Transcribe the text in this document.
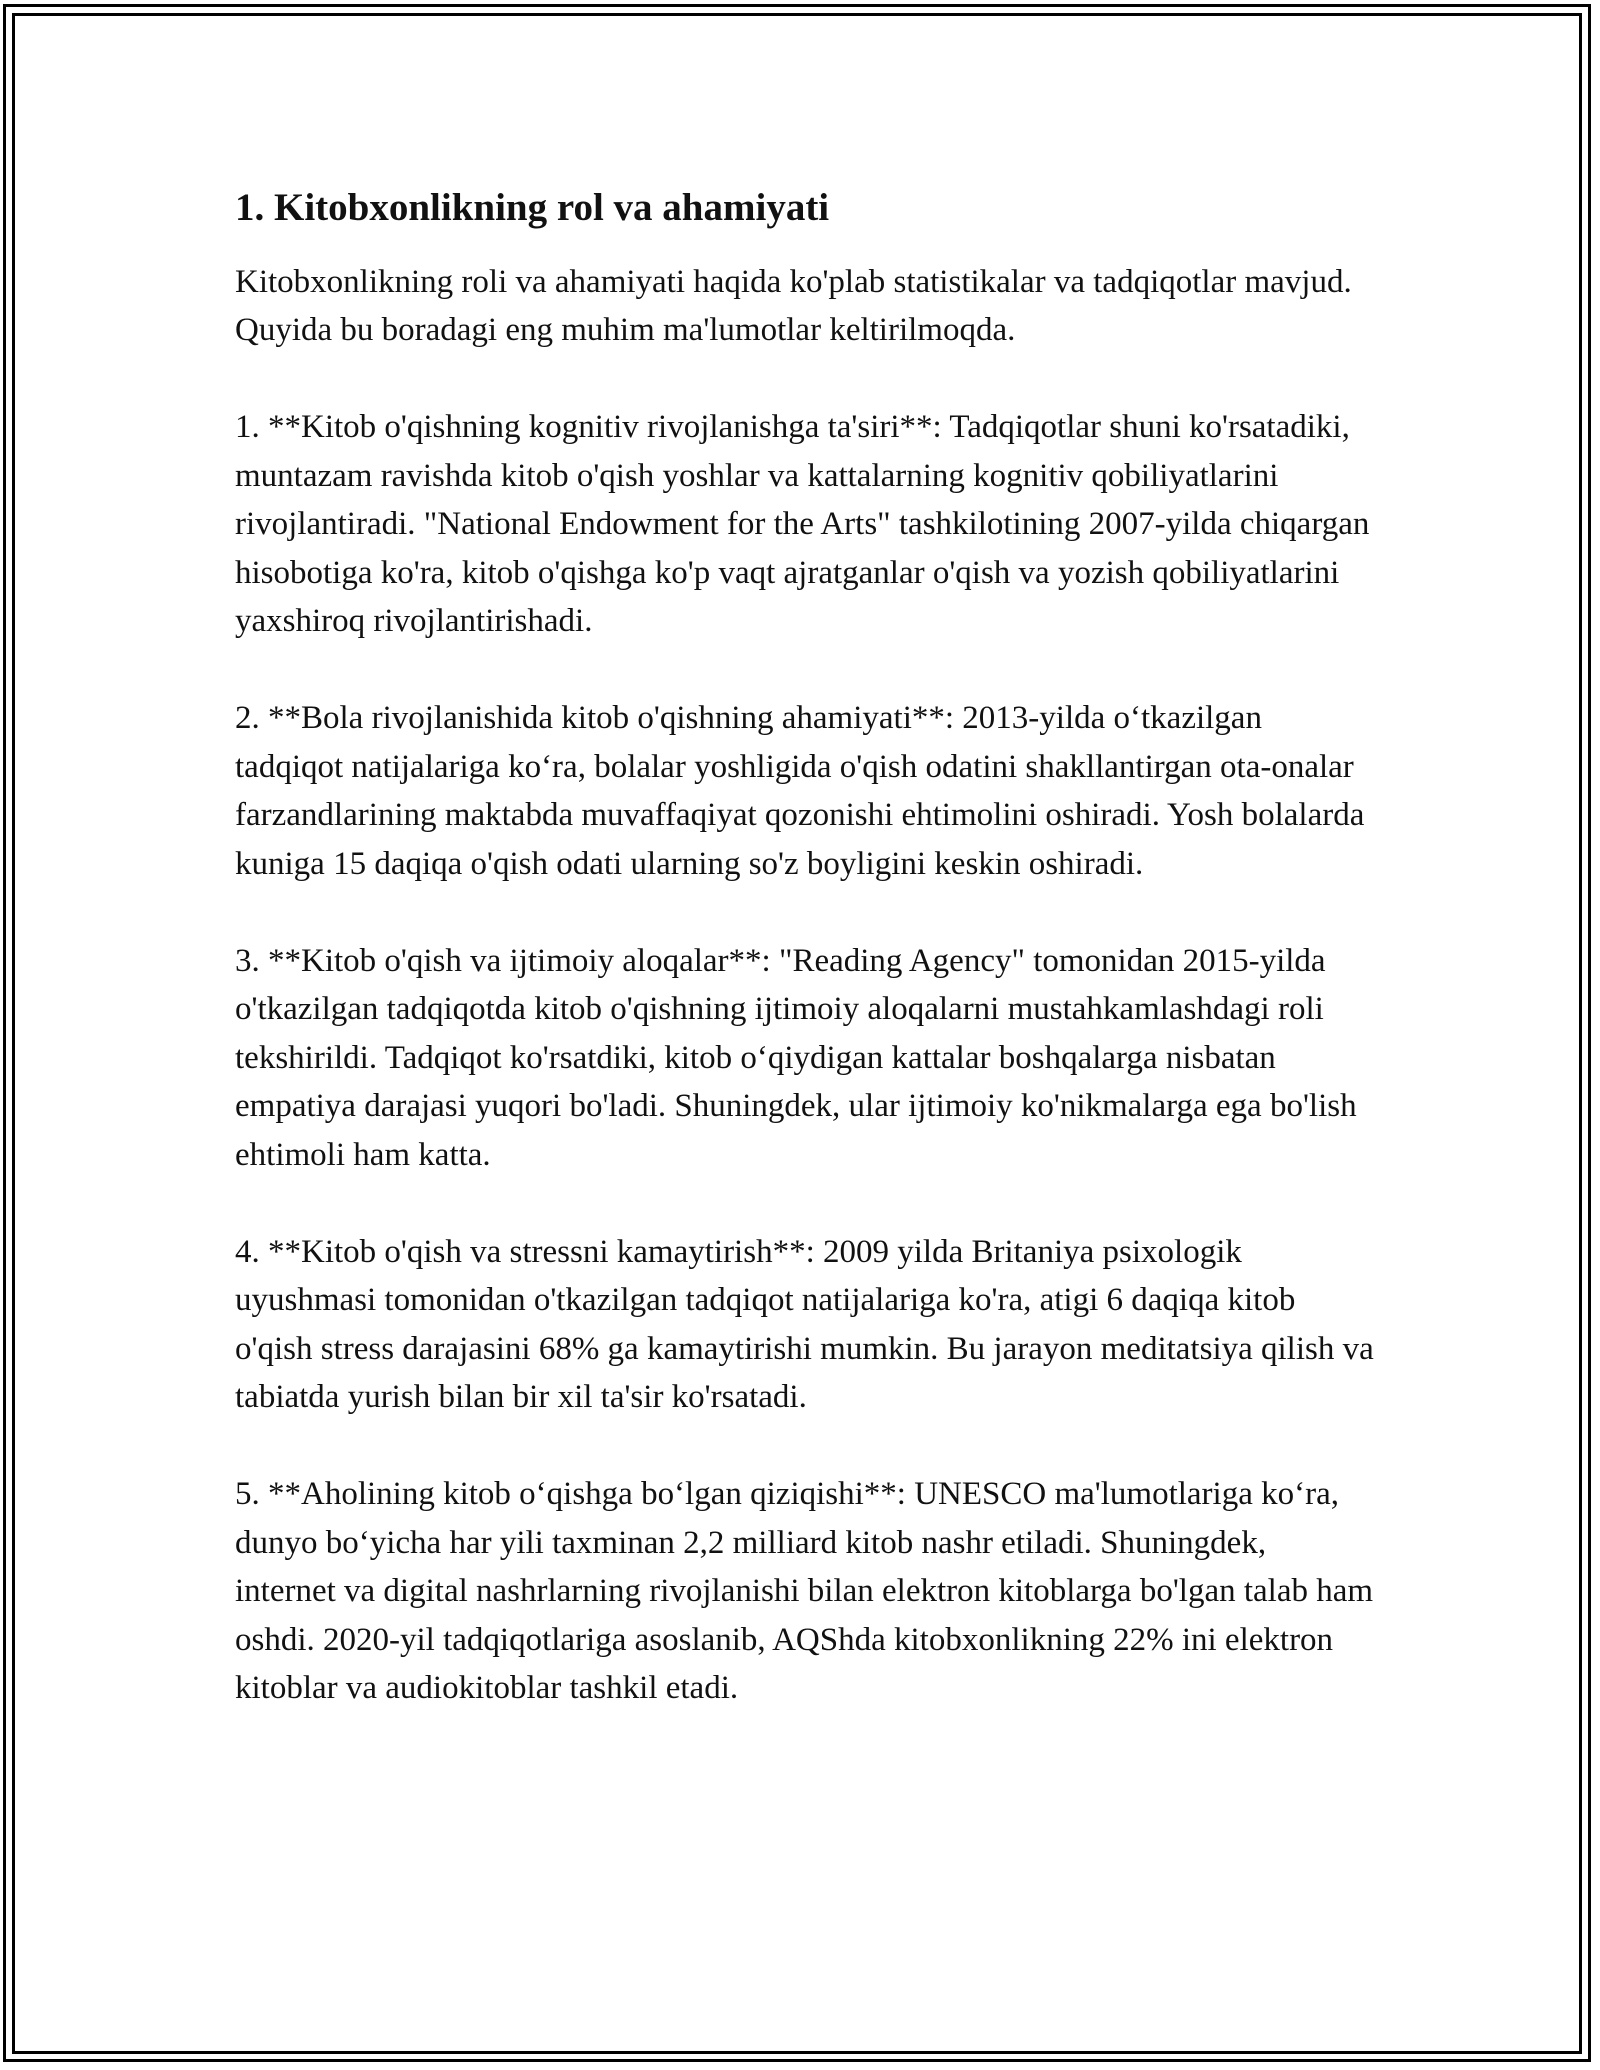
1. Kitobxonlikning rol va ahamiyati

Kitobxonlikning roli va ahamiyati haqida ko'plab statistikalar va tadqiqotlar mavjud. Quyida bu boradagi eng muhim ma'lumotlar keltirilmoqda.

1. **Kitob o'qishning kognitiv rivojlanishga ta'siri**: Tadqiqotlar shuni ko'rsatadiki, muntazam ravishda kitob o'qish yoshlar va kattalarning kognitiv qobiliyatlarini rivojlantiradi. "National Endowment for the Arts" tashkilotining 2007-yilda chiqargan hisobotiga ko'ra, kitob o'qishga ko'p vaqt ajratganlar o'qish va yozish qobiliyatlarini yaxshiroq rivojlantirishadi.

2. **Bola rivojlanishida kitob o'qishning ahamiyati**: 2013-yilda o‘tkazilgan tadqiqot natijalariga ko‘ra, bolalar yoshligida o'qish odatini shakllantirgan ota-onalar farzandlarining maktabda muvaffaqiyat qozonishi ehtimolini oshiradi. Yosh bolalarda kuniga 15 daqiqa o'qish odati ularning so'z boyligini keskin oshiradi.

3. **Kitob o'qish va ijtimoiy aloqalar**: "Reading Agency" tomonidan 2015-yilda o'tkazilgan tadqiqotda kitob o'qishning ijtimoiy aloqalarni mustahkamlashdagi roli tekshirildi. Tadqiqot ko'rsatdiki, kitob o‘qiydigan kattalar boshqalarga nisbatan empatiya darajasi yuqori bo'ladi. Shuningdek, ular ijtimoiy ko'nikmalarga ega bo'lish ehtimoli ham katta.

4. **Kitob o'qish va stressni kamaytirish**: 2009 yilda Britaniya psixologik uyushmasi tomonidan o'tkazilgan tadqiqot natijalariga ko'ra, atigi 6 daqiqa kitob o'qish stress darajasini 68% ga kamaytirishi mumkin. Bu jarayon meditatsiya qilish va tabiatda yurish bilan bir xil ta'sir ko'rsatadi.

5. **Aholining kitob o‘qishga bo‘lgan qiziqishi**: UNESCO ma'lumotlariga ko‘ra, dunyo bo‘yicha har yili taxminan 2,2 milliard kitob nashr etiladi. Shuningdek, internet va digital nashrlarning rivojlanishi bilan elektron kitoblarga bo'lgan talab ham oshdi. 2020-yil tadqiqotlariga asoslanib, AQShda kitobxonlikning 22% ini elektron kitoblar va audiokitoblar tashkil etadi.
